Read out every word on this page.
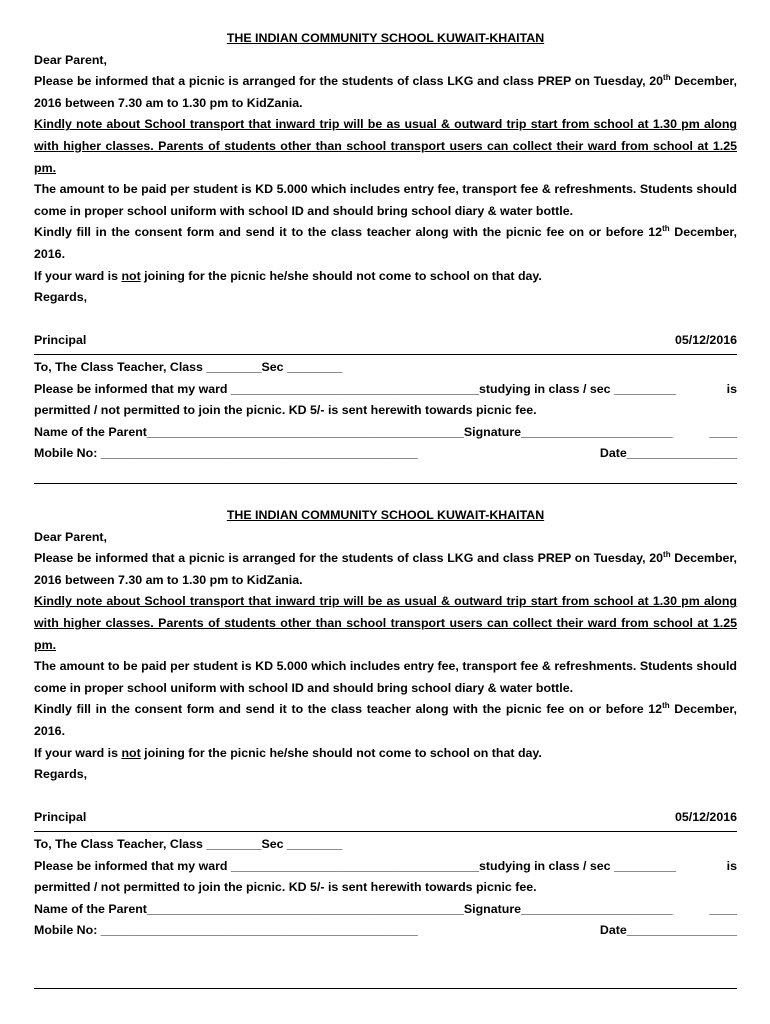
THE INDIAN COMMUNITY SCHOOL KUWAIT-KHAITAN

Dear Parent,

Please be informed that a picnic is arranged for the students of class LKG and class PREP on Tuesday, 20th December, 2016 between 7.30 am to 1.30 pm to KidZania.

Kindly note about School transport that inward trip will be as usual & outward trip start from school at 1.30 pm along with higher classes. Parents of students other than school transport users can collect their ward from school at 1.25 pm.

The amount to be paid per student is KD 5.000 which includes entry fee, transport fee & refreshments. Students should come in proper school uniform with school ID and should bring school diary & water bottle.

Kindly fill in the consent form and send it to the class teacher along with the picnic fee on or before 12th December, 2016.

If your ward is not joining for the picnic he/she should not come to school on that day.

Regards,

Principal	05/12/2016

To, The Class Teacher, Class ________Sec ________

Please be informed that my ward ____________________________________studying in class / sec _________	is

permitted / not permitted to join the picnic. KD 5/- is sent herewith towards picnic fee.

Name of the Parent______________________________________________Signature______________________	____
Mobile No: ______________________________________________	Date________________

THE INDIAN COMMUNITY SCHOOL KUWAIT-KHAITAN

Dear Parent,

Please be informed that a picnic is arranged for the students of class LKG and class PREP on Tuesday, 20th December, 2016 between 7.30 am to 1.30 pm to KidZania.

Kindly note about School transport that inward trip will be as usual & outward trip start from school at 1.30 pm along with higher classes. Parents of students other than school transport users can collect their ward from school at 1.25 pm.

The amount to be paid per student is KD 5.000 which includes entry fee, transport fee & refreshments. Students should come in proper school uniform with school ID and should bring school diary & water bottle.

Kindly fill in the consent form and send it to the class teacher along with the picnic fee on or before 12th December, 2016.

If your ward is not joining for the picnic he/she should not come to school on that day.

Regards,

Principal	05/12/2016

To, The Class Teacher, Class ________Sec ________

Please be informed that my ward ____________________________________studying in class / sec _________	is

permitted / not permitted to join the picnic. KD 5/- is sent herewith towards picnic fee.

Name of the Parent______________________________________________Signature______________________	____
Mobile No: ______________________________________________	Date________________
